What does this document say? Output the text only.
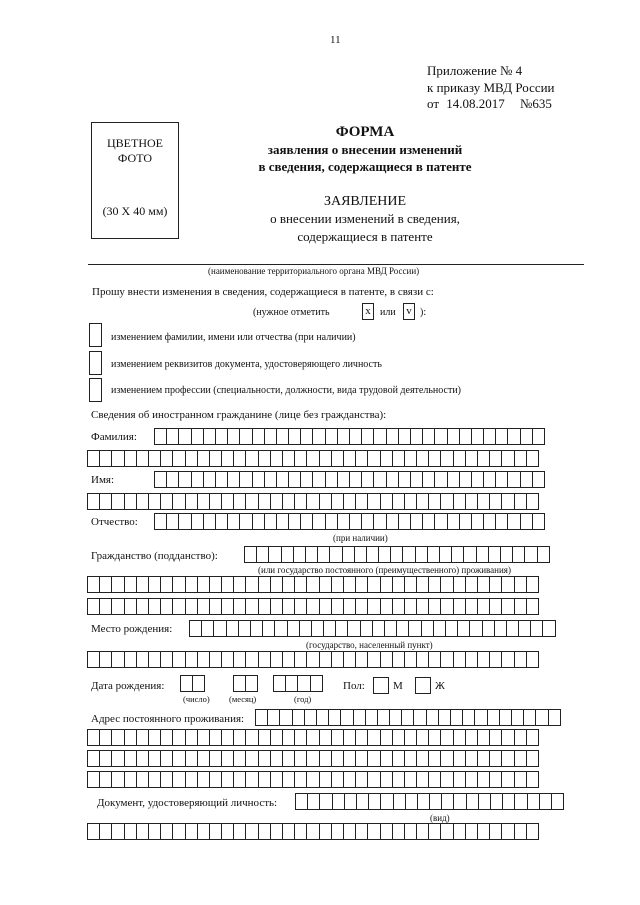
11
Приложение № 4
к приказу МВД России
от 14.08.2017 №635
ЦВЕТНОЕ
ФОТО
(30 X 40 мм)
ФОРМА
заявления о внесении изменений
в сведения, содержащиеся в патенте
ЗАЯВЛЕНИЕ
о внесении изменений в сведения,
содержащиеся в патенте
(наименование территориального органа МВД России)
Прошу внести изменения в сведения, содержащиеся в патенте, в связи с:
(нужное отметить	x или v ):
изменением фамилии, имени или отчества (при наличии)
изменением реквизитов документа, удостоверяющего личность
изменением профессии (специальности, должности, вида трудовой деятельности)
Сведения об иностранном гражданине (лице без гражданства):
Фамилия:
Имя:
Отчество:
(при наличии)
Гражданство (подданство):
(или государство постоянного (преимущественного) проживания)
Место рождения:
(государство, населенный пункт)
Дата рождения:
(число) (месяц)	(год)
Пол:	М	Ж
Адрес постоянного проживания:
Документ, удостоверяющий личность:
(вид)
